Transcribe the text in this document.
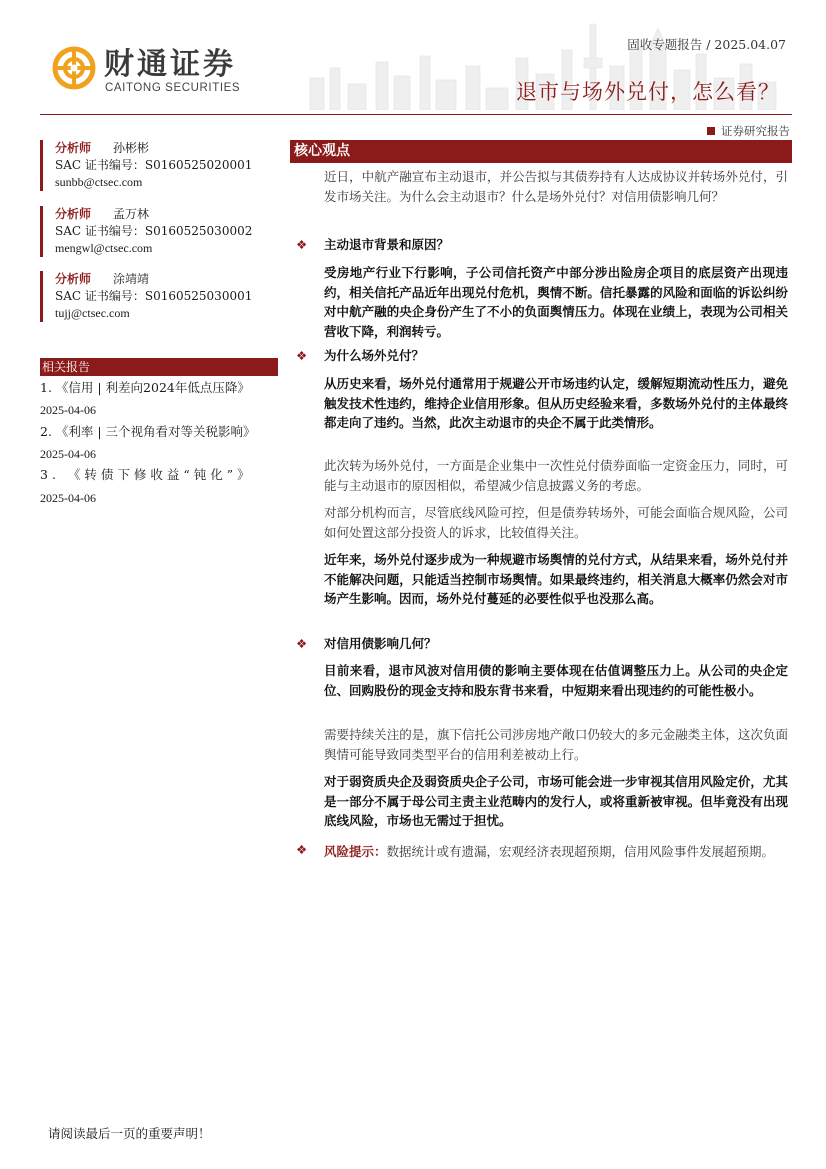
财通证券
CAITONG SECURITIES
固收专题报告 / 2025.04.07
退市与场外兑付，怎么看？
证券研究报告
分析师 孙彬彬
SAC 证书编号：S0160525020001
sunbb@ctsec.com
分析师 孟万林
SAC 证书编号：S0160525030002
mengwl@ctsec.com
分析师 涂靖靖
SAC 证书编号：S0160525030001
tujj@ctsec.com
相关报告
1. 《信用 | 利差向2024年低点压降》
2025-04-06
2. 《利率 | 三个视角看对等关税影响》
2025-04-06
3. 《转债下修收益“钝化”》
2025-04-06
核心观点
近日，中航产融宣布主动退市，并公告拟与其债券持有人达成协议并转场外兑付，引发市场关注。为什么会主动退市？什么是场外兑付？对信用债影响几何？
❖ 主动退市背景和原因？
受房地产行业下行影响，子公司信托资产中部分涉出险房企项目的底层资产出现违约，相关信托产品近年出现兑付危机，舆情不断。信托暴露的风险和面临的诉讼纠纷对中航产融的央企身份产生了不小的负面舆情压力。体现在业绩上，表现为公司相关营收下降，利润转亏。
❖ 为什么场外兑付？
从历史来看，场外兑付通常用于规避公开市场违约认定，缓解短期流动性压力，避免触发技术性违约，维持企业信用形象。但从历史经验来看，多数场外兑付的主体最终都走向了违约。当然，此次主动退市的央企不属于此类情形。
此次转为场外兑付，一方面是企业集中一次性兑付债券面临一定资金压力，同时，可能与主动退市的原因相似，希望减少信息披露义务的考虑。
对部分机构而言，尽管底线风险可控，但是债券转场外，可能会面临合规风险，公司如何处置这部分投资人的诉求，比较值得关注。
近年来，场外兑付逐步成为一种规避市场舆情的兑付方式，从结果来看，场外兑付并不能解决问题，只能适当控制市场舆情。如果最终违约，相关消息大概率仍然会对市场产生影响。因而，场外兑付蔓延的必要性似乎也没那么高。
❖ 对信用债影响几何？
目前来看，退市风波对信用债的影响主要体现在估值调整压力上。从公司的央企定位、回购股份的现金支持和股东背书来看，中短期来看出现违约的可能性极小。
需要持续关注的是，旗下信托公司涉房地产敞口仍较大的多元金融类主体，这次负面舆情可能导致同类型平台的信用利差被动上行。
对于弱资质央企及弱资质央企子公司，市场可能会进一步审视其信用风险定价，尤其是一部分不属于母公司主责主业范畴内的发行人，或将重新被审视。但毕竟没有出现底线风险，市场也无需过于担忧。
❖	风险提示：数据统计或有遗漏，宏观经济表现超预期，信用风险事件发展超预期。
请阅读最后一页的重要声明！
